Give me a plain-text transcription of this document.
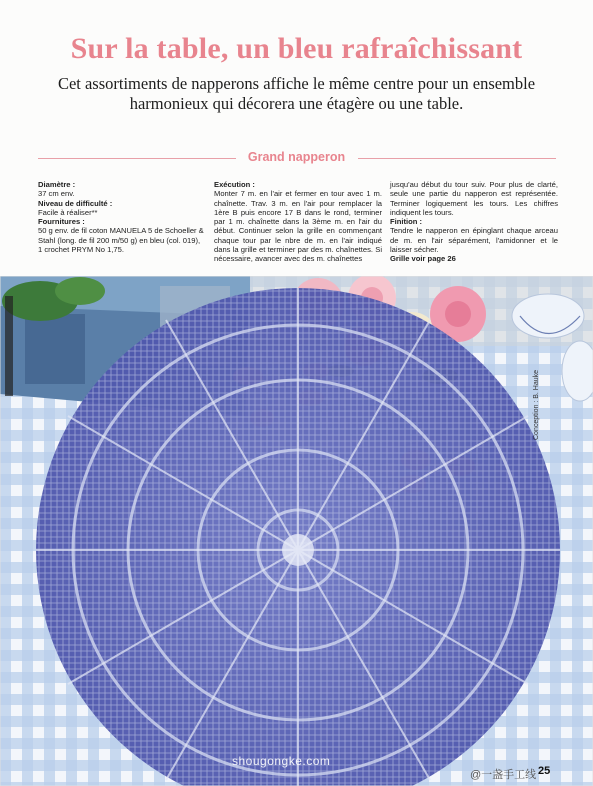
Sur la table, un bleu rafraîchissant
Cet assortiments de napperons affiche le même centre pour un ensemble harmonieux qui décorera une étagère ou une table.
Grand napperon
Diamètre :
37 cm env.
Niveau de difficulté :
Facile à réaliser**
Fournitures :
50 g env. de fil coton MANUELA 5 de Schoeller & Stahl (long. de fil 200 m/50 g) en bleu (col. 019), 1 crochet PRYM No 1,75.
Exécution :
Monter 7 m. en l'air et fermer en tour avec 1 m. chaînette. Trav. 3 m. en l'air pour remplacer la 1ère B puis encore 17 B dans le rond, terminer par 1 m. chaînette dans la 3ème m. en l'air du début. Continuer selon la grille en commençant chaque tour par le nbre de m. en l'air indiqué dans la grille et terminer par des m. chaînettes. Si nécessaire, avancer avec des m. chaînettes
jusqu'au début du tour suiv. Pour plus de clarté, seule une partie du napperon est représentée. Terminer logiquement les tours. Les chiffres indiquent les tours.
Finition :
Tendre le napperon en épinglant chaque arceau de m. en l'air séparément, l'amidonner et le laisser sécher.
Grille voir page 26
Conception : B. Hauke
shougongke.com
@一盏手工线 25
